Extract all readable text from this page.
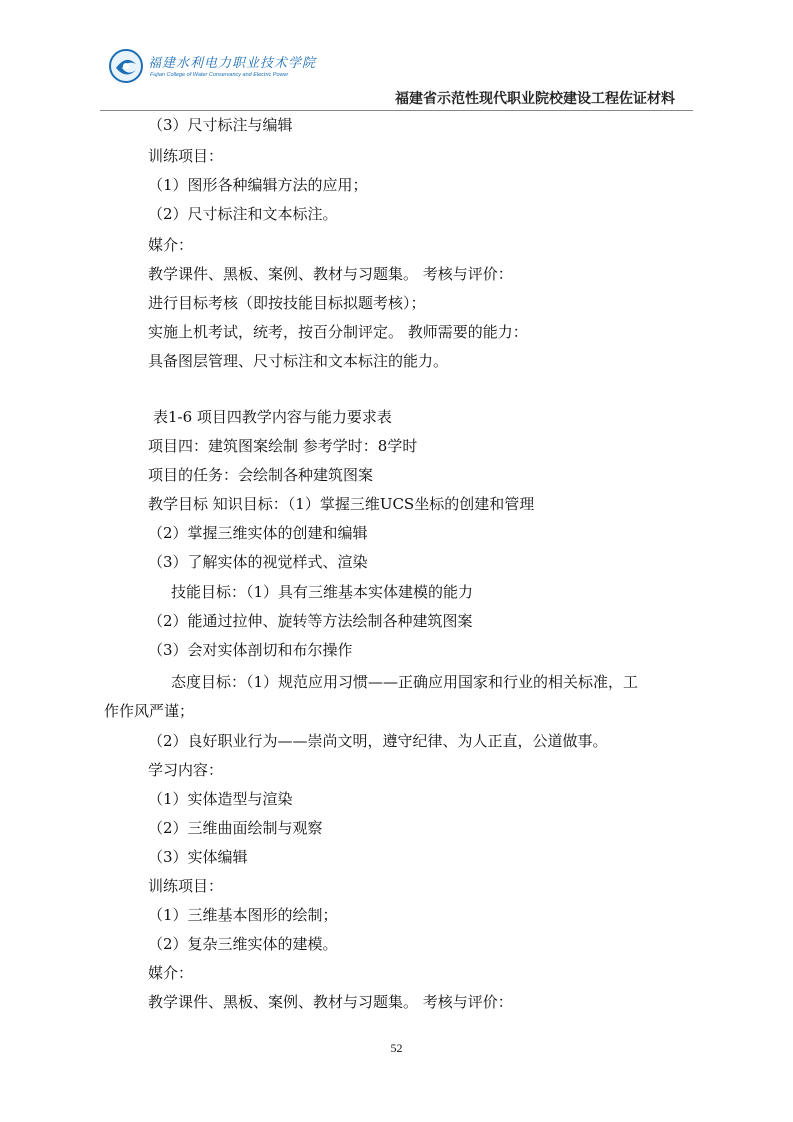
福建水利电力职业技术学院
Fujian College of Water Conservancy and Electric Power
福建省示范性现代职业院校建设工程佐证材料
（3）尺寸标注与编辑
训练项目：
（1）图形各种编辑方法的应用；
（2）尺寸标注和文本标注。
媒介：
教学课件、黑板、案例、教材与习题集。 考核与评价：
进行目标考核（即按技能目标拟题考核）；
实施上机考试，统考，按百分制评定。 教师需要的能力：
具备图层管理、尺寸标注和文本标注的能力。
表1-6 项目四教学内容与能力要求表
项目四：建筑图案绘制 参考学时：8学时
项目的任务：会绘制各种建筑图案
教学目标 知识目标：（1）掌握三维UCS坐标的创建和管理
（2）掌握三维实体的创建和编辑
（3）了解实体的视觉样式、渲染
技能目标：（1）具有三维基本实体建模的能力
（2）能通过拉伸、旋转等方法绘制各种建筑图案
（3）会对实体剖切和布尔操作
态度目标：（1）规范应用习惯——正确应用国家和行业的相关标准，工
作作风严谨；
（2）良好职业行为——崇尚文明，遵守纪律、为人正直，公道做事。
学习内容：
（1）实体造型与渲染
（2）三维曲面绘制与观察
（3）实体编辑
训练项目：
（1）三维基本图形的绘制；
（2）复杂三维实体的建模。
媒介：
教学课件、黑板、案例、教材与习题集。 考核与评价：
52
